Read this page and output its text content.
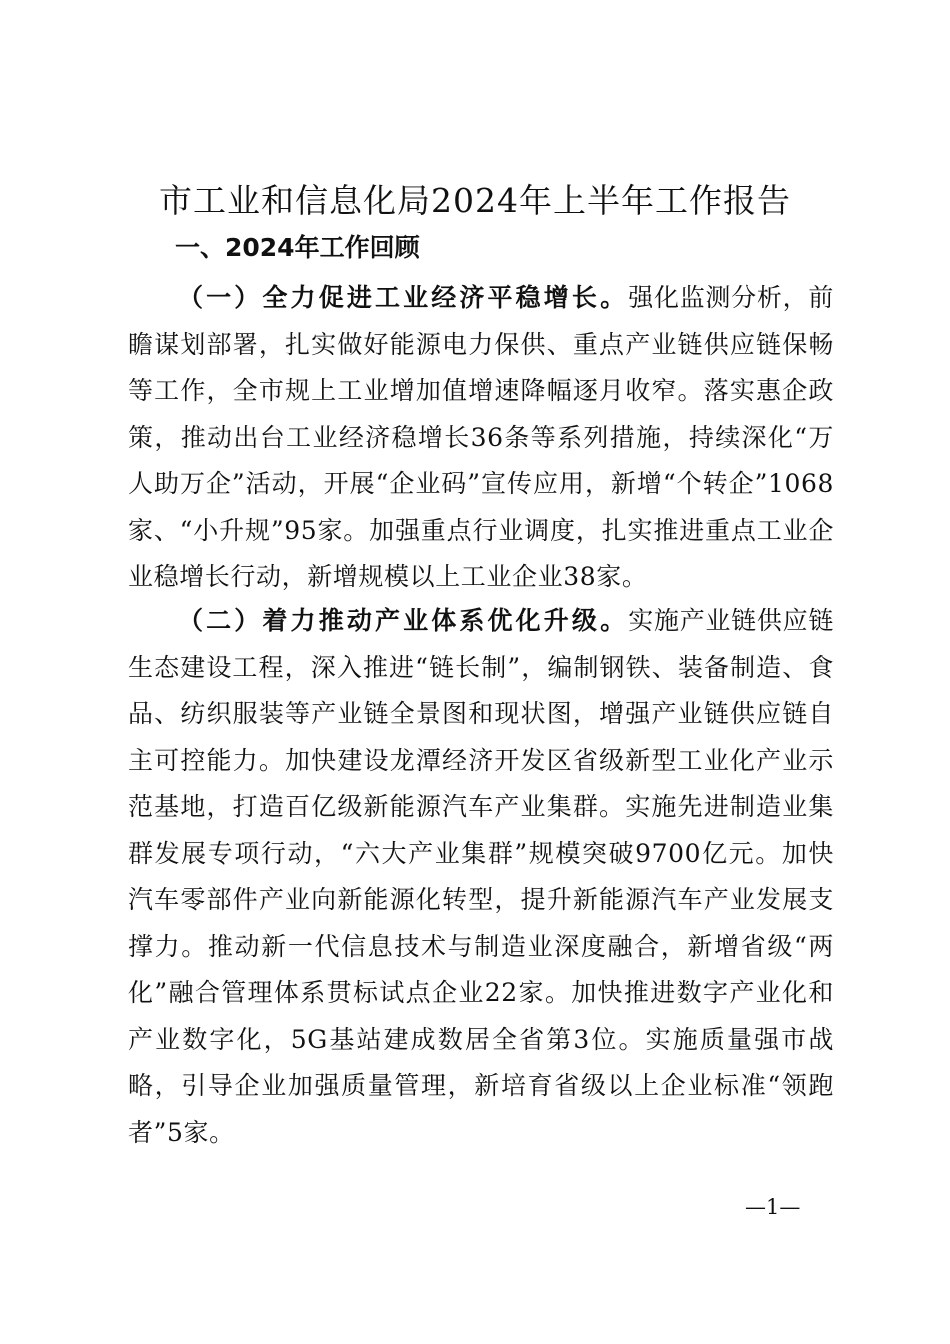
市工业和信息化局2024年上半年工作报告
一、2024年工作回顾

（一）全力促进工业经济平稳增长。强化监测分析，前瞻谋划部署，扎实做好能源电力保供、重点产业链供应链保畅等工作，全市规上工业增加值增速降幅逐月收窄。落实惠企政策，推动出台工业经济稳增长36条等系列措施，持续深化“万人助万企”活动，开展“企业码”宣传应用，新增“个转企”1068家、“小升规”95家。加强重点行业调度，扎实推进重点工业企业稳增长行动，新增规模以上工业企业38家。

（二）着力推动产业体系优化升级。实施产业链供应链生态建设工程，深入推进“链长制”，编制钢铁、装备制造、食品、纺织服装等产业链全景图和现状图，增强产业链供应链自主可控能力。加快建设龙潭经济开发区省级新型工业化产业示范基地，打造百亿级新能源汽车产业集群。实施先进制造业集群发展专项行动，“六大产业集群”规模突破9700亿元。加快汽车零部件产业向新能源化转型，提升新能源汽车产业发展支撑力。推动新一代信息技术与制造业深度融合，新增省级“两化”融合管理体系贯标试点企业22家。加快推进数字产业化和产业数字化，5G基站建成数居全省第3位。实施质量强市战略，引导企业加强质量管理，新培育省级以上企业标准“领跑者”5家。

—1—
